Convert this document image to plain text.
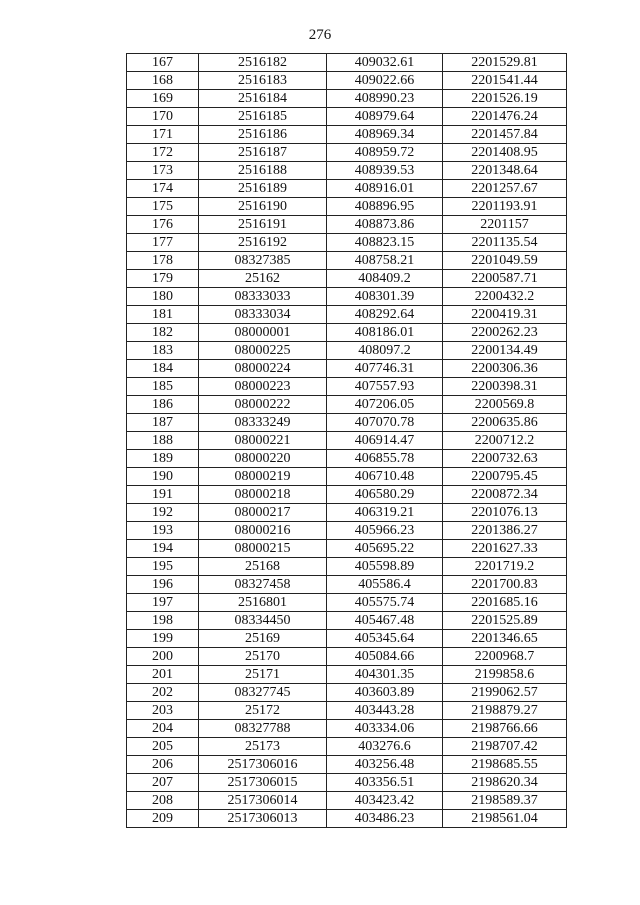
276
167	2516182	409032.61	2201529.81
168	2516183	409022.66	2201541.44
169	2516184	408990.23	2201526.19
170	2516185	408979.64	2201476.24
171	2516186	408969.34	2201457.84
172	2516187	408959.72	2201408.95
173	2516188	408939.53	2201348.64
174	2516189	408916.01	2201257.67
175	2516190	408896.95	2201193.91
176	2516191	408873.86	2201157
177	2516192	408823.15	2201135.54
178	08327385	408758.21	2201049.59
179	25162	408409.2	2200587.71
180	08333033	408301.39	2200432.2
181	08333034	408292.64	2200419.31
182	08000001	408186.01	2200262.23
183	08000225	408097.2	2200134.49
184	08000224	407746.31	2200306.36
185	08000223	407557.93	2200398.31
186	08000222	407206.05	2200569.8
187	08333249	407070.78	2200635.86
188	08000221	406914.47	2200712.2
189	08000220	406855.78	2200732.63
190	08000219	406710.48	2200795.45
191	08000218	406580.29	2200872.34
192	08000217	406319.21	2201076.13
193	08000216	405966.23	2201386.27
194	08000215	405695.22	2201627.33
195	25168	405598.89	2201719.2
196	08327458	405586.4	2201700.83
197	2516801	405575.74	2201685.16
198	08334450	405467.48	2201525.89
199	25169	405345.64	2201346.65
200	25170	405084.66	2200968.7
201	25171	404301.35	2199858.6
202	08327745	403603.89	2199062.57
203	25172	403443.28	2198879.27
204	08327788	403334.06	2198766.66
205	25173	403276.6	2198707.42
206	2517306016	403256.48	2198685.55
207	2517306015	403356.51	2198620.34
208	2517306014	403423.42	2198589.37
209	2517306013	403486.23	2198561.04
